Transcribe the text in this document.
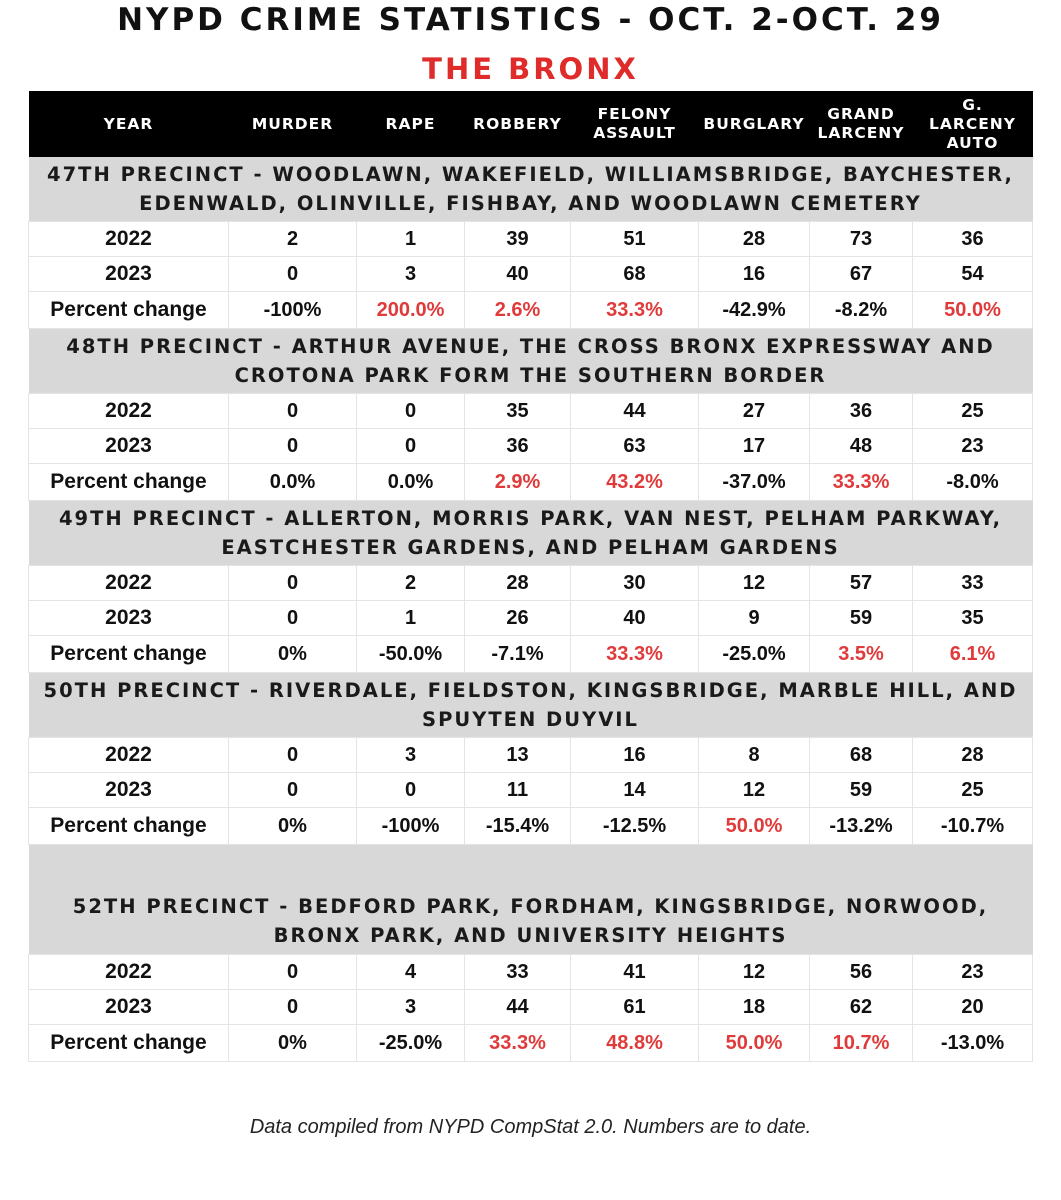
NYPD CRIME STATISTICS - OCT. 2-OCT. 29
THE BRONX
YEAR	MURDER	RAPE	ROBBERY	FELONY ASSAULT	BURGLARY	GRAND LARCENY	G. LARCENY AUTO
47TH PRECINCT - WOODLAWN, WAKEFIELD, WILLIAMSBRIDGE, BAYCHESTER, EDENWALD, OLINVILLE, FISHBAY, AND WOODLAWN CEMETERY							
2022	2	1	39	51	28	73	36
2023	0	3	40	68	16	67	54
Percent change	-100%	200.0%	2.6%	33.3%	-42.9%	-8.2%	50.0%
48TH PRECINCT - ARTHUR AVENUE, THE CROSS BRONX EXPRESSWAY AND CROTONA PARK FORM THE SOUTHERN BORDER							
2022	0	0	35	44	27	36	25
2023	0	0	36	63	17	48	23
Percent change	0.0%	0.0%	2.9%	43.2%	-37.0%	33.3%	-8.0%
49TH PRECINCT - ALLERTON, MORRIS PARK, VAN NEST, PELHAM PARKWAY, EASTCHESTER GARDENS, AND PELHAM GARDENS							
2022	0	2	28	30	12	57	33
2023	0	1	26	40	9	59	35
Percent change	0%	-50.0%	-7.1%	33.3%	-25.0%	3.5%	6.1%
50TH PRECINCT - RIVERDALE, FIELDSTON, KINGSBRIDGE, MARBLE HILL, AND SPUYTEN DUYVIL							
2022	0	3	13	16	8	68	28
2023	0	0	11	14	12	59	25
Percent change	0%	-100%	-15.4%	-12.5%	50.0%	-13.2%	-10.7%
52TH PRECINCT - BEDFORD PARK, FORDHAM, KINGSBRIDGE, NORWOOD, BRONX PARK, AND UNIVERSITY HEIGHTS							
2022	0	4	33	41	12	56	23
2023	0	3	44	61	18	62	20
Percent change	0%	-25.0%	33.3%	48.8%	50.0%	10.7%	-13.0%
Data compiled from NYPD CompStat 2.0. Numbers are to date.
